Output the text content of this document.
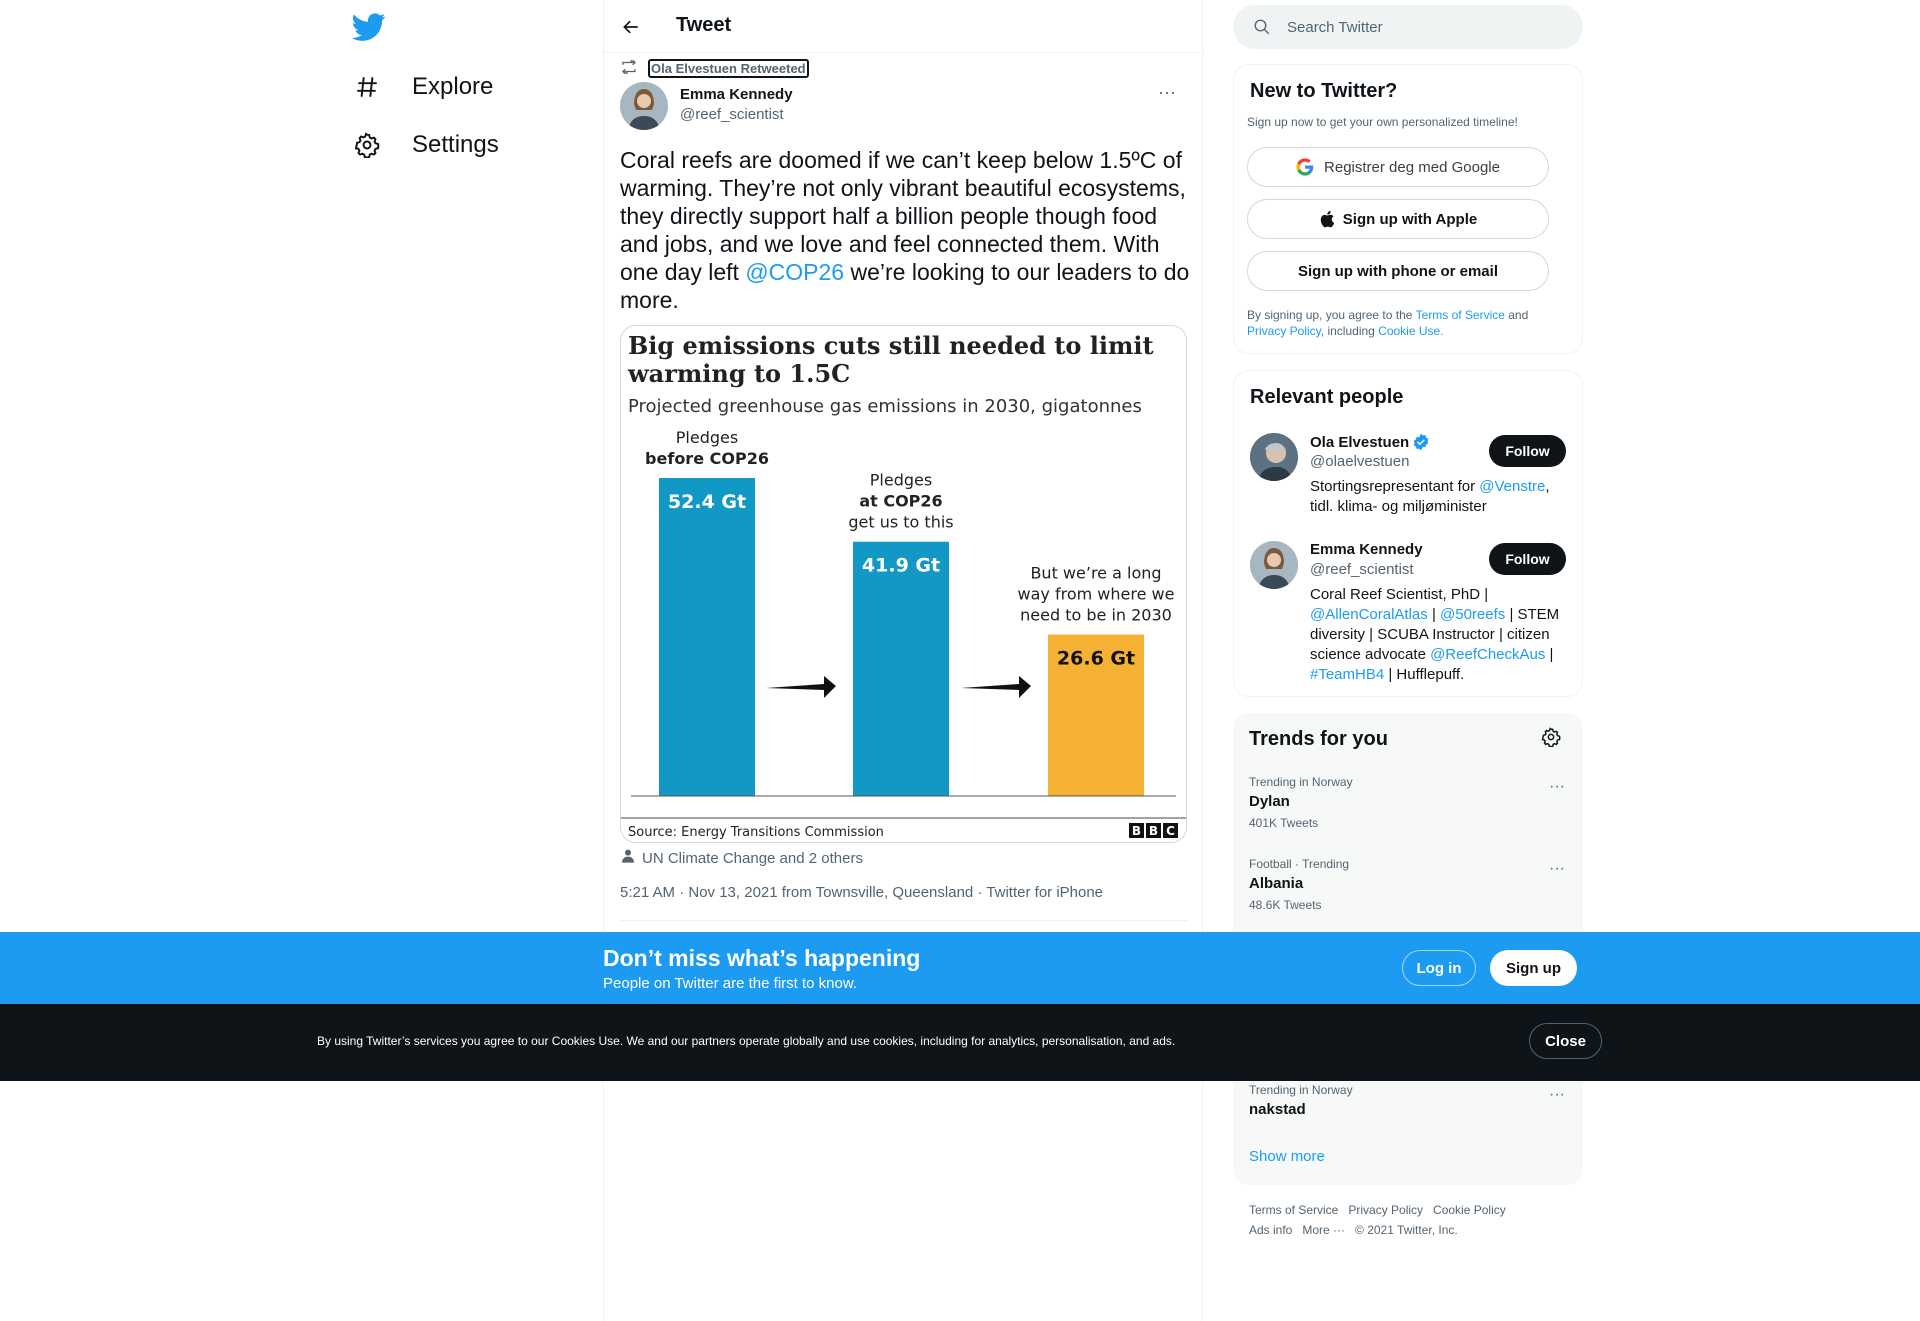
Explore
Settings
Tweet
Ola Elvestuen Retweeted
Emma Kennedy
@reef_scientist
···
Coral reefs are doomed if we can’t keep below 1.5ºC of warming. They’re not only vibrant beautiful ecosystems, they directly support half a billion people though food and jobs, and we love and feel connected them. With one day left @COP26 we’re looking to our leaders to do more.
Big emissions cuts still needed to limit
warming to 1.5C
Projected greenhouse gas emissions in 2030, gigatonnes
52.4 Gt
Pledges
before COP26
41.9 Gt
Pledges
at COP26
get us to this
26.6 Gt
But we’re a long
way from where we
need to be in 2030
Source: Energy Transitions Commission	B B C
UN Climate Change and 2 others
5:21 AM · Nov 13, 2021 from Townsville, Queensland · Twitter for iPhone
Search Twitter
New to Twitter?
Sign up now to get your own personalized timeline!
Registrer deg med Google
Sign up with Apple
Sign up with phone or email
By signing up, you agree to the Terms of Service and
Privacy Policy, including Cookie Use.
Relevant people
Ola Elvestuen
@olaelvestuen
Follow
Stortingsrepresentant for @Venstre,
tidl. klima- og miljøminister
Emma Kennedy
@reef_scientist
Follow
Coral Reef Scientist, PhD |
@AllenCoralAtlas | @50reefs | STEM
diversity | SCUBA Instructor | citizen
science advocate @ReefCheckAus |
#TeamHB4 | Hufflepuff.
Trends for you
Trending in Norway
Dylan
401K Tweets
···
Football · Trending
Albania
48.6K Tweets
···
Trending in Norway
nakstad
···
Show more
Terms of Service Privacy Policy Cookie Policy
Ads info More ··· © 2021 Twitter, Inc.
Don’t miss what’s happening
People on Twitter are the first to know.
Log in	Sign up
By using Twitter’s services you agree to our Cookies Use. We and our partners operate globally and use cookies, including for analytics, personalisation, and ads.	Close
